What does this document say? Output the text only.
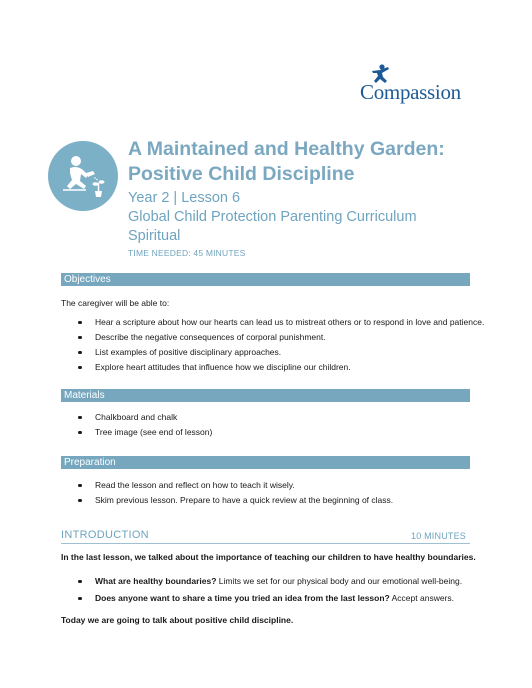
Compassion
A Maintained and Healthy Garden:
Positive Child Discipline
Year 2 | Lesson 6
Global Child Protection Parenting Curriculum
Spiritual
TIME NEEDED: 45 MINUTES
Objectives
The caregiver will be able to:
Hear a scripture about how our hearts can lead us to mistreat others or to respond in love and patience.
Describe the negative consequences of corporal punishment.
List examples of positive disciplinary approaches.
Explore heart attitudes that influence how we discipline our children.
Materials
Chalkboard and chalk
Tree image (see end of lesson)
Preparation
Read the lesson and reflect on how to teach it wisely.
Skim previous lesson. Prepare to have a quick review at the beginning of class.
INTRODUCTION	10 MINUTES
In the last lesson, we talked about the importance of teaching our children to have healthy boundaries.
What are healthy boundaries? Limits we set for our physical body and our emotional well-being.
Does anyone want to share a time you tried an idea from the last lesson? Accept answers.
Today we are going to talk about positive child discipline.
